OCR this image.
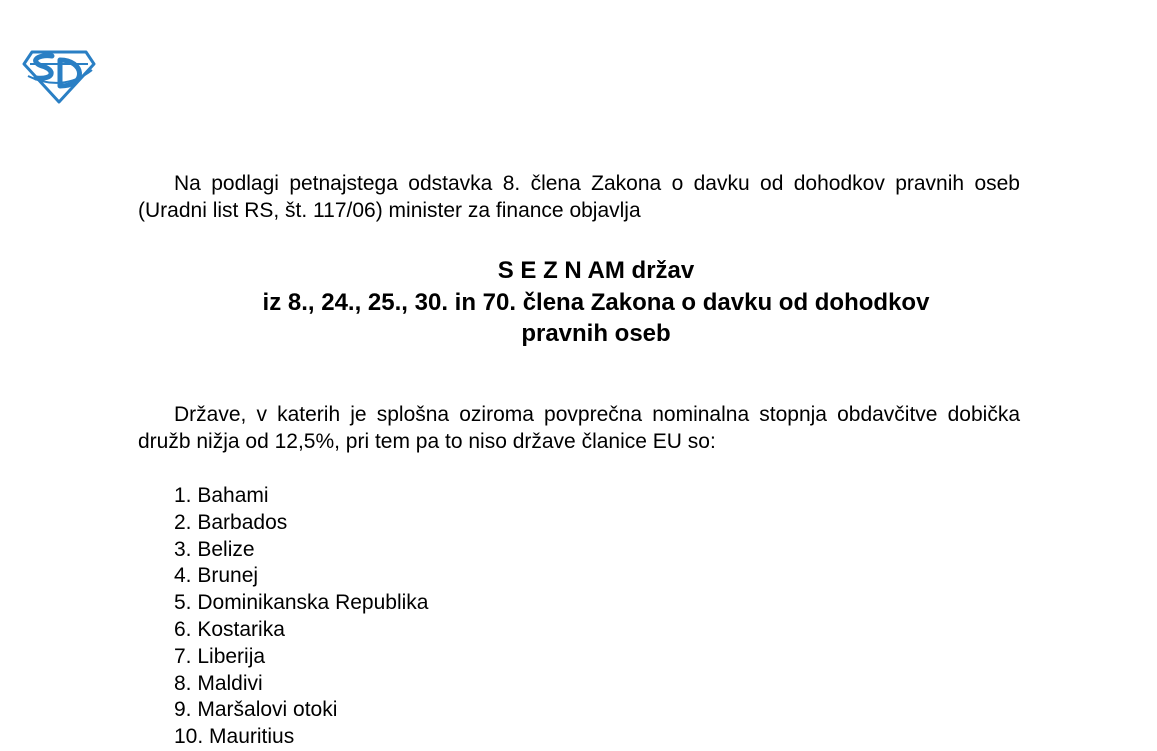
Na podlagi petnajstega odstavka 8. člena Zakona o davku od dohodkov pravnih oseb (Uradni list RS, št. 117/06) minister za finance objavlja

S E Z N AM držav
iz 8., 24., 25., 30. in 70. člena Zakona o davku od dohodkov
pravnih oseb

Države, v katerih je splošna oziroma povprečna nominalna stopnja obdavčitve dobička družb nižja od 12,5%, pri tem pa to niso države članice EU so:

1. Bahami
2. Barbados
3. Belize
4. Brunej
5. Dominikanska Republika
6. Kostarika
7. Liberija
8. Maldivi
9. Maršalovi otoki
10. Mauritius
